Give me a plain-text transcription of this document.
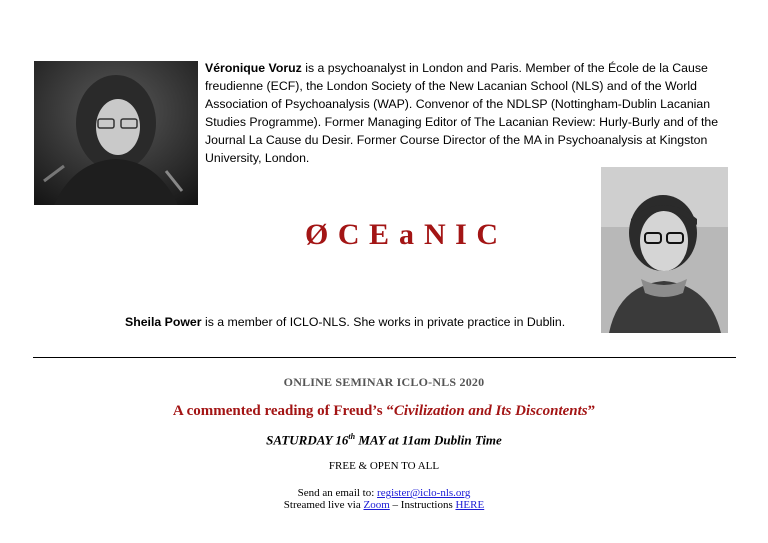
Véronique Voruz is a psychoanalyst in London and Paris. Member of the École de la Cause freudienne (ECF), the London Society of the New Lacanian School (NLS) and of the World Association of Psychoanalysis (WAP). Convenor of the NDLSP (Nottingham-Dublin Lacanian Studies Programme). Former Managing Editor of The Lacanian Review: Hurly-Burly and of the Journal La Cause du Desir. Former Course Director of the MA in Psychoanalysis at Kingston University, London.
Ø C E a N I C
Sheila Power is a member of ICLO-NLS. She works in private practice in Dublin.
ONLINE SEMINAR ICLO-NLS 2020
A commented reading of Freud’s “Civilization and Its Discontents”
SATURDAY 16th MAY at 11am Dublin Time
FREE & OPEN TO ALL
Send an email to: register@iclo-nls.org
Streamed live via Zoom – Instructions HERE
